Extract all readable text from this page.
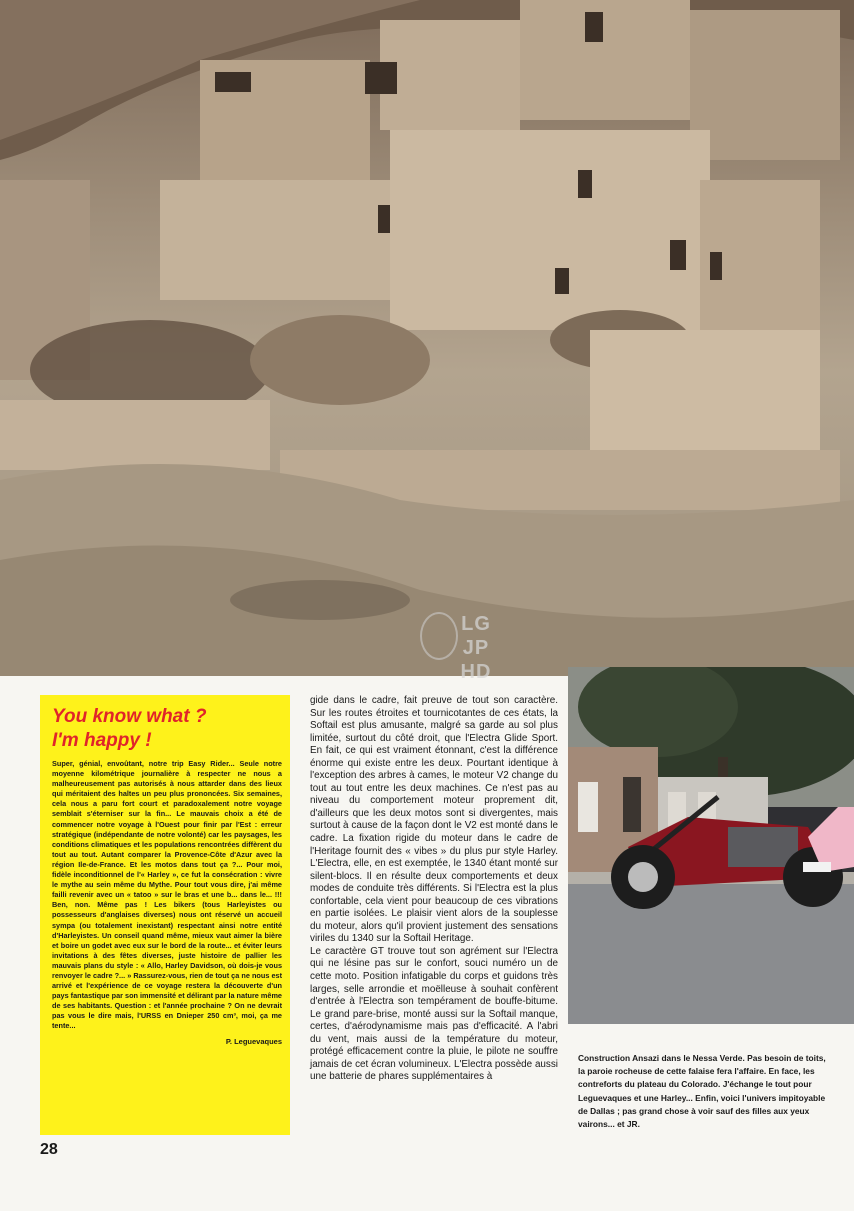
LG
JP
HD
You know what ?
I'm happy !

Super, génial, envoûtant, notre trip Easy Rider... Seule notre moyenne kilométrique journalière à respecter ne nous a malheureusement pas autorisés à nous attarder dans des lieux qui méritaient des haltes un peu plus prononcées. Six semaines, cela nous a paru fort court et paradoxalement notre voyage semblait s'éterniser sur la fin... Le mauvais choix a été de commencer notre voyage à l'Ouest pour finir par l'Est : erreur stratégique (indépendante de notre volonté) car les paysages, les conditions climatiques et les populations rencontrées diffèrent du tout au tout. Autant comparer la Provence-Côte d'Azur avec la région Ile-de-France. Et les motos dans tout ça ?... Pour moi, fidèle inconditionnel de l'« Harley », ce fut la consécration : vivre le mythe au sein même du Mythe. Pour tout vous dire, j'ai même failli revenir avec un « tatoo » sur le bras et une b... dans le... !!! Ben, non. Même pas ! Les bikers (tous Harleyistes ou possesseurs d'anglaises diverses) nous ont réservé un accueil sympa (ou totalement inexistant) respectant ainsi notre entité d'Harleyistes. Un conseil quand même, mieux vaut aimer la bière et boire un godet avec eux sur le bord de la route... et éviter leurs invitations à des fêtes diverses, juste histoire de pallier les mauvais plans du style : « Allo, Harley Davidson, où dois-je vous renvoyer le cadre ?... » Rassurez-vous, rien de tout ça ne nous est arrivé et l'expérience de ce voyage restera la découverte d'un pays fantastique par son immensité et délirant par la nature même de ses habitants. Question : et l'année prochaine ? On ne devrait pas vous le dire mais, l'URSS en Dnieper 250 cm³, moi, ça me tente...

P. Leguevaques

gide dans le cadre, fait preuve de tout son caractère. Sur les routes étroites et tournicotantes de ces états, la Softail est plus amusante, malgré sa garde au sol plus limitée, surtout du côté droit, que l'Electra Glide Sport. En fait, ce qui est vraiment étonnant, c'est la différence énorme qui existe entre les deux. Pourtant identique à l'exception des arbres à cames, le moteur V2 change du tout au tout entre les deux machines. Ce n'est pas au niveau du comportement moteur proprement dit, d'ailleurs que les deux motos sont si divergentes, mais surtout à cause de la façon dont le V2 est monté dans le cadre. La fixation rigide du moteur dans le cadre de l'Heritage fournit des « vibes » du plus pur style Harley. L'Electra, elle, en est exemptée, le 1340 étant monté sur silent-blocs. Il en résulte deux comportements et deux modes de conduite très différents. Si l'Electra est la plus confortable, cela vient pour beaucoup de ces vibrations en partie isolées. Le plaisir vient alors de la souplesse du moteur, alors qu'il provient justement des sensations viriles du 1340 sur la Softail Heritage.

Le caractère GT trouve tout son agrément sur l'Electra qui ne lésine pas sur le confort, souci numéro un de cette moto. Position infatigable du corps et guidons très larges, selle arrondie et moëlleuse à souhait confèrent d'entrée à l'Electra son tempérament de bouffe-bitume. Le grand pare-brise, monté aussi sur la Softail manque, certes, d'aérodynamisme mais pas d'efficacité. A l'abri du vent, mais aussi de la température du moteur, protégé efficacement contre la pluie, le pilote ne souffre jamais de cet écran volumineux. L'Electra possède aussi une batterie de phares supplémentaires à

Construction Ansazi dans le Nessa Verde. Pas besoin de toits, la paroie rocheuse de cette falaise fera l'affaire. En face, les contreforts du plateau du Colorado. J'échange le tout pour Leguevaques et une Harley... Enfin, voici l'univers impitoyable de Dallas ; pas grand chose à voir sauf des filles aux yeux vairons... et JR.

28
